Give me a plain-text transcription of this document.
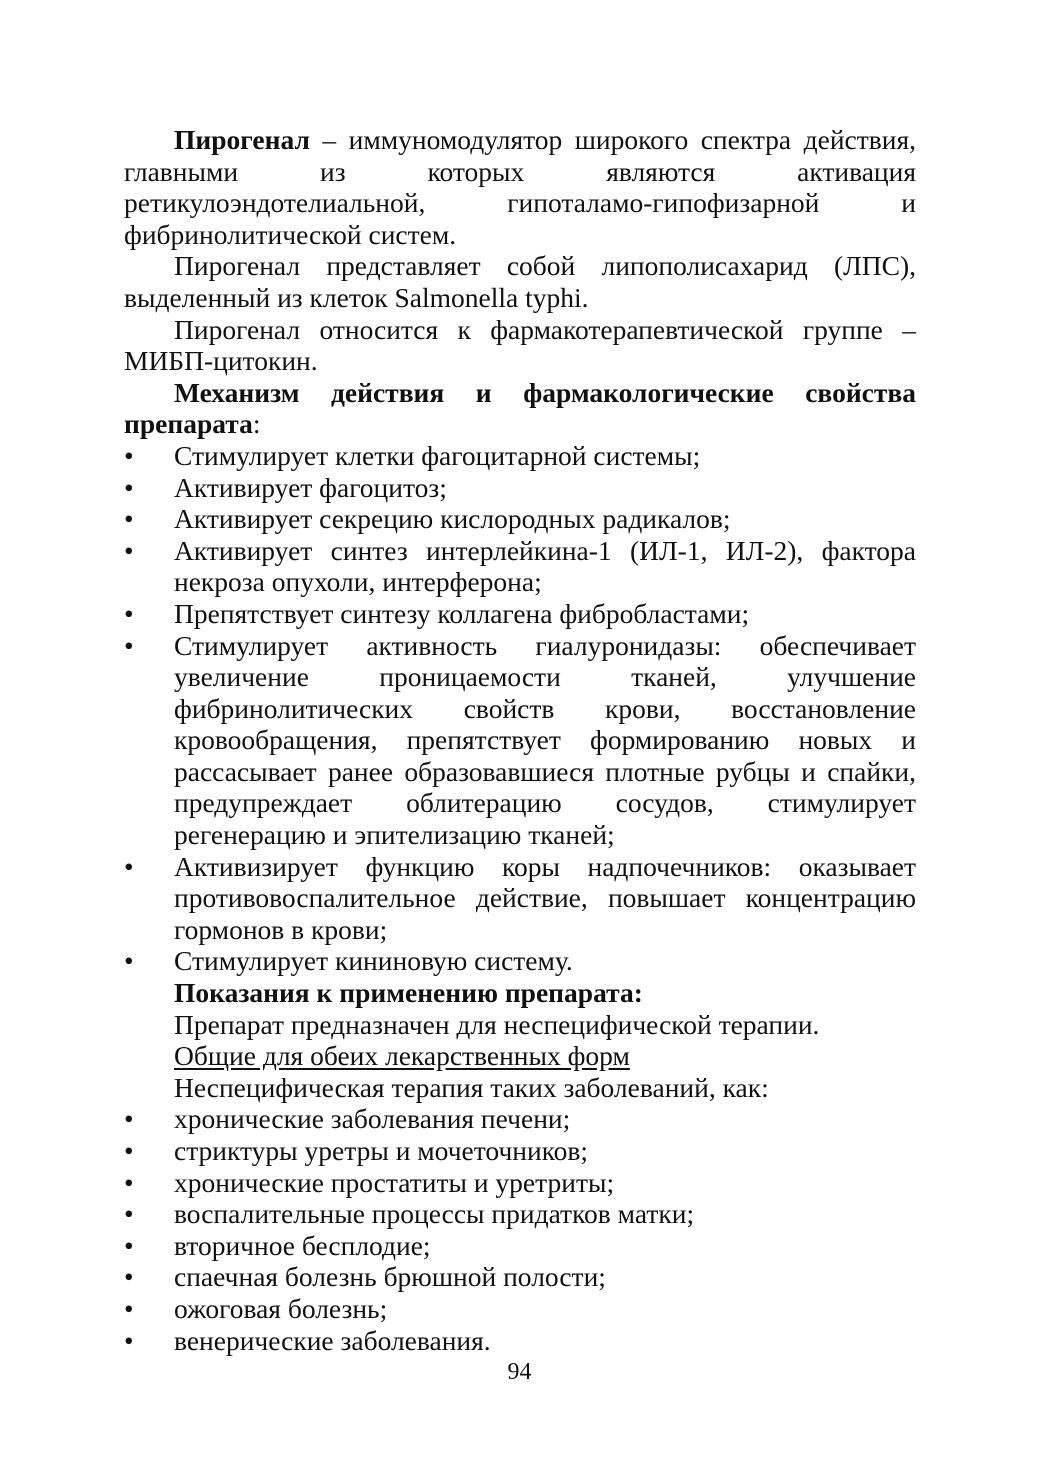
Пирогенал – иммуномодулятор широкого спектра действия, главными из которых являются активация ретикулоэндотелиальной, гипоталамо-гипофизарной и фибринолитической систем.

Пирогенал представляет собой липополисахарид (ЛПС), выделенный из клеток Salmonella typhi.

Пирогенал относится к фармакотерапевтической группе – МИБП-цитокин.

Механизм действия и фармакологические свойства препарата:

• Стимулирует клетки фагоцитарной системы;
• Активирует фагоцитоз;
• Активирует секрецию кислородных радикалов;
• Активирует синтез интерлейкина-1 (ИЛ-1, ИЛ-2), фактора некроза опухоли, интерферона;
• Препятствует синтезу коллагена фибробластами;
• Стимулирует активность гиалуронидазы: обеспечивает увеличение проницаемости тканей, улучшение фибринолитических свойств крови, восстановление кровообращения, препятствует формированию новых и рассасывает ранее образовавшиеся плотные рубцы и спайки, предупреждает облитерацию сосудов, стимулирует регенерацию и эпителизацию тканей;
• Активизирует функцию коры надпочечников: оказывает противовоспалительное действие, повышает концентрацию гормонов в крови;
• Стимулирует кининовую систему.

Показания к применению препарата:

Препарат предназначен для неспецифической терапии.

Общие для обеих лекарственных форм

Неспецифическая терапия таких заболеваний, как:

• хронические заболевания печени;
• стриктуры уретры и мочеточников;
• хронические простатиты и уретриты;
• воспалительные процессы придатков матки;
• вторичное бесплодие;
• спаечная болезнь брюшной полости;
• ожоговая болезнь;
• венерические заболевания.
94
